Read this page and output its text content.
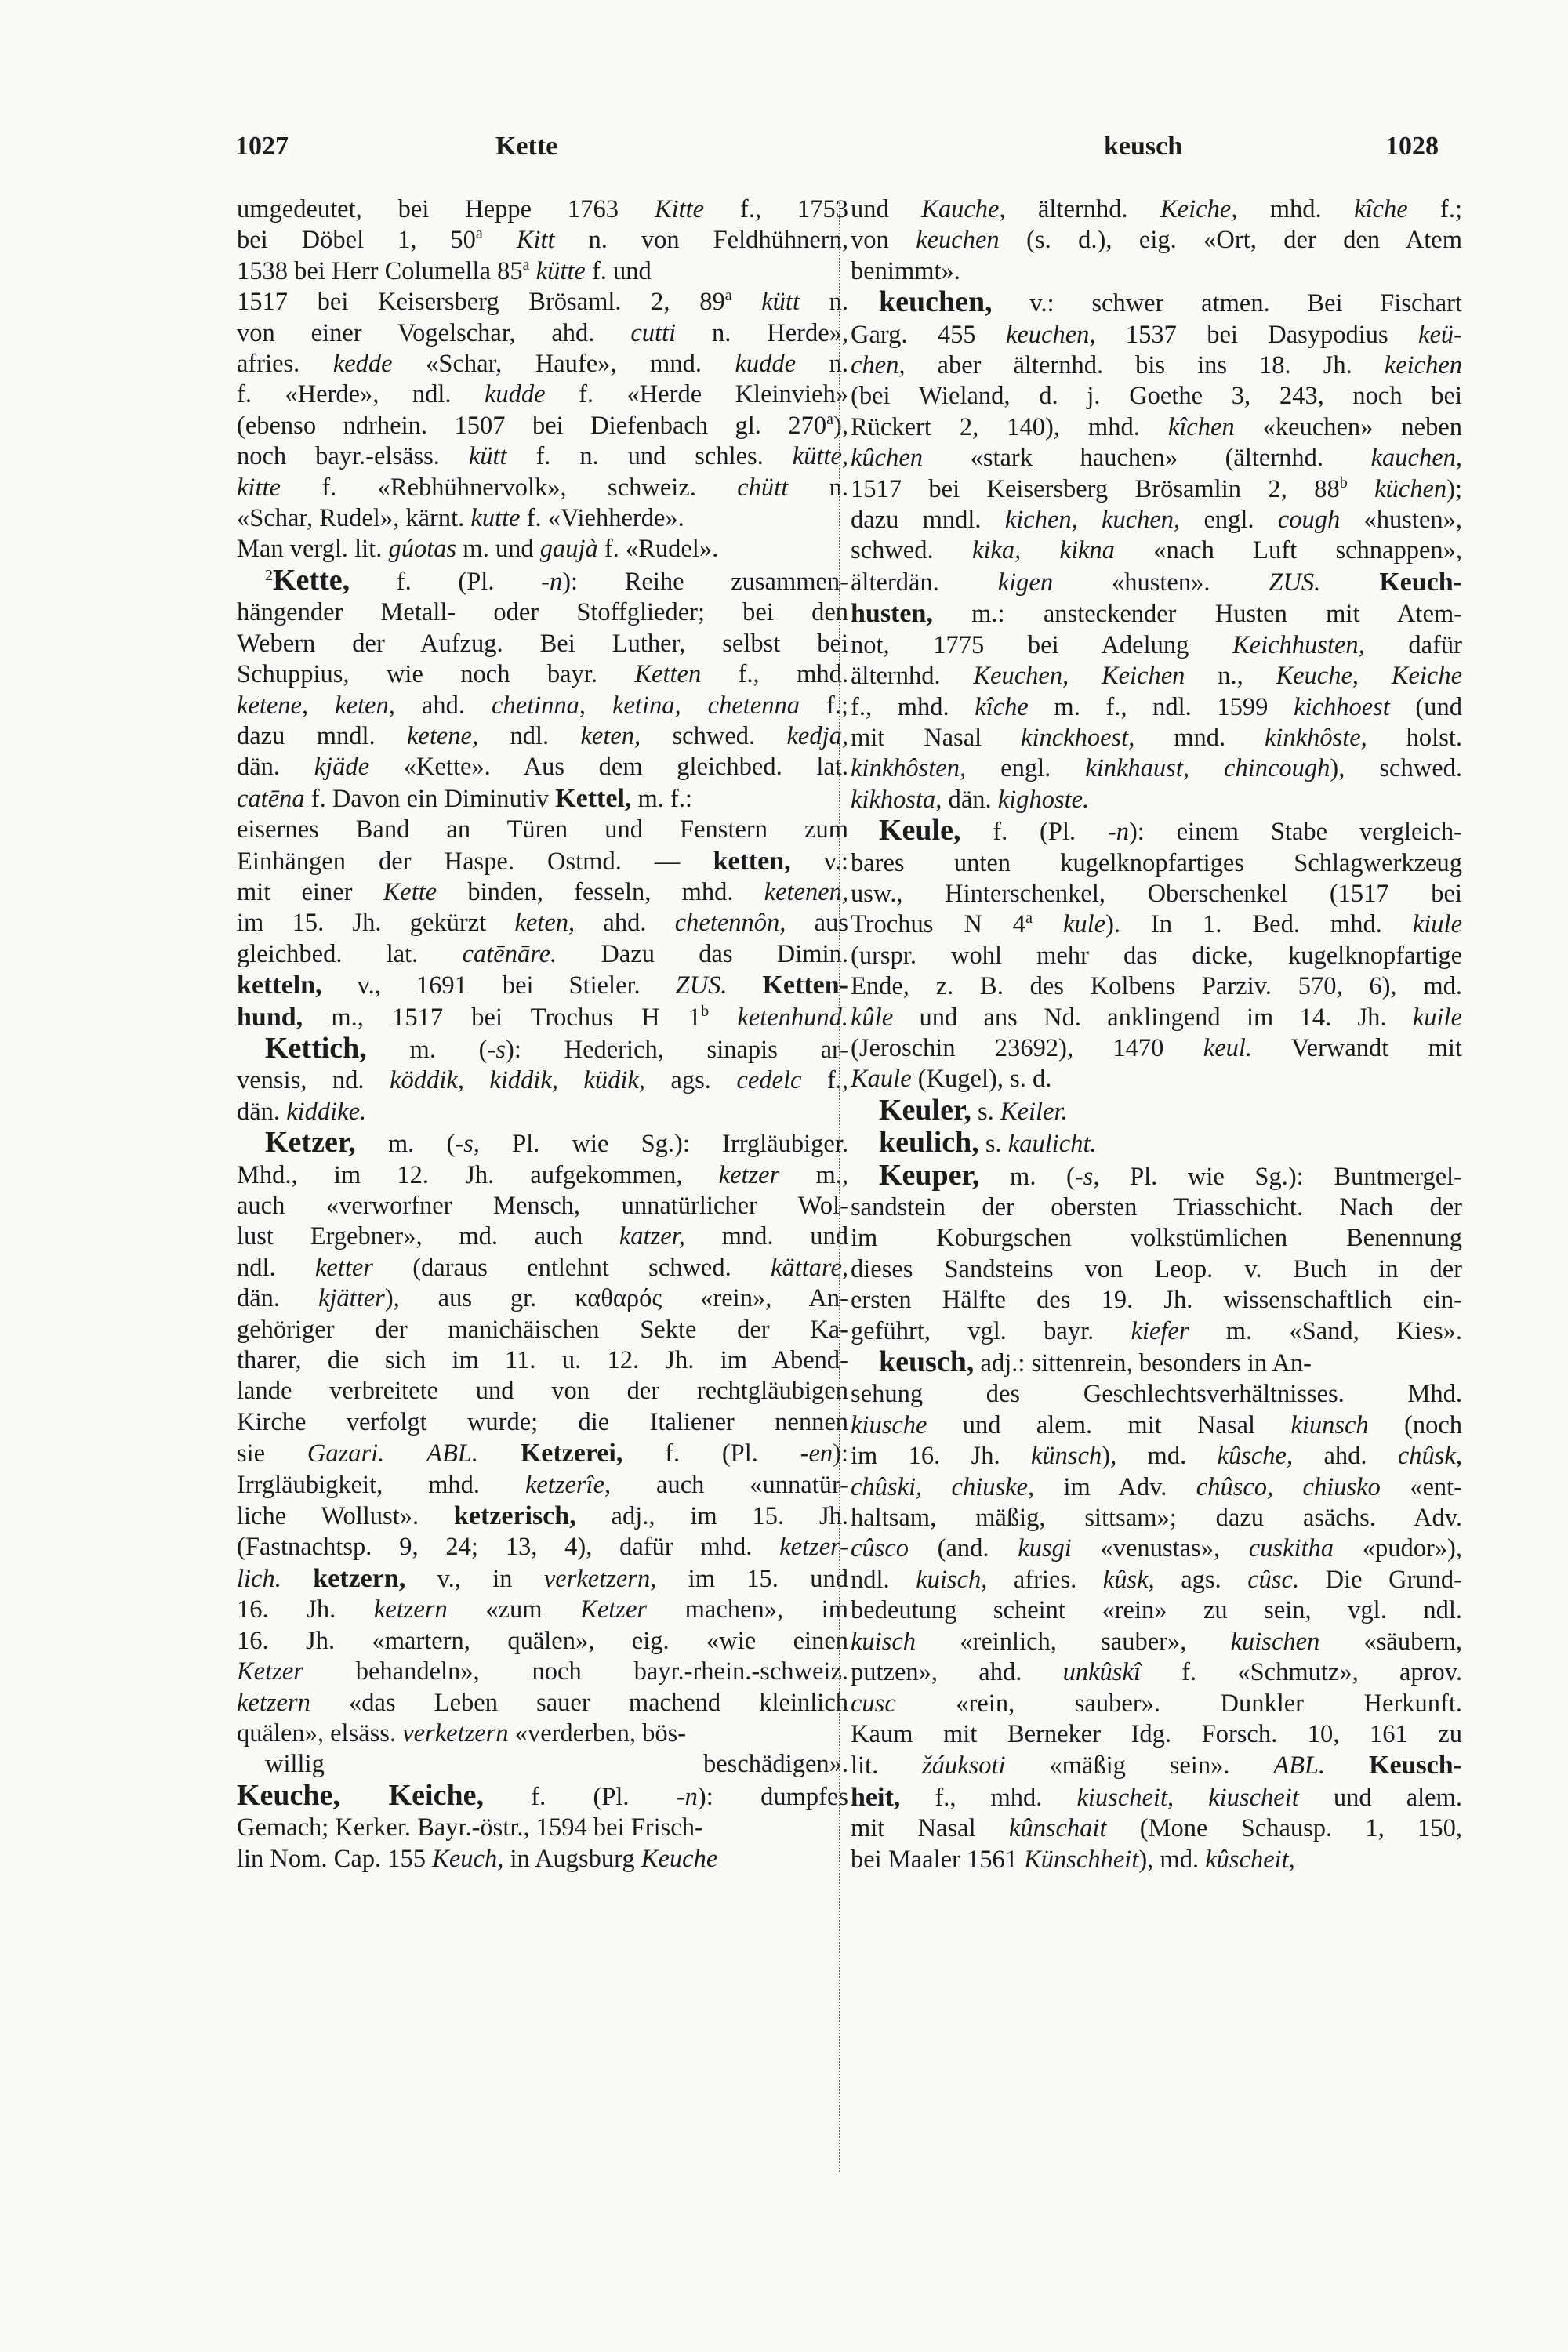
1027	Kette	keusch	1028
umgedeutet, bei Heppe 1763 Kitte f., 1753
bei Döbel 1, 50$^a$ Kitt n. von Feldhühnern,
1538 bei Herr Columella 85$^a$ kütte f. und
1517 bei Keisersberg Brösaml. 2, 89$^a$ kütt n.
von einer Vogelschar, ahd. cutti n. Herde»,
afries. kedde «Schar, Haufe», mnd. kudde n.
f. «Herde», ndl. kudde f. «Herde Kleinvieh»
(ebenso ndrhein. 1507 bei Diefenbach gl. 270$^a$),
noch bayr.-elsäss. kütt f. n. und schles. kütte,
kitte f. «Rebhühnervolk», schweiz. chütt n.
«Schar, Rudel», kärnt. kutte f. «Viehherde».
Man vergl. lit. gúotas m. und gaujà f. «Rudel».
$^2$Kette, f. (Pl. -n): Reihe zusammen-
hängender Metall- oder Stoffglieder; bei den
Webern der Aufzug. Bei Luther, selbst bei
Schuppius, wie noch bayr. Ketten f., mhd.
ketene, keten, ahd. chetinna, ketina, chetenna f.;
dazu mndl. ketene, ndl. keten, schwed. kedja,
dän. kjäde «Kette». Aus dem gleichbed. lat.
catēna f. Davon ein Diminutiv Kettel, m. f.:
eisernes Band an Türen und Fenstern zum
Einhängen der Haspe. Ostmd. — ketten, v.:
mit einer Kette binden, fesseln, mhd. ketenen,
im 15. Jh. gekürzt keten, ahd. chetennôn, aus
gleichbed. lat. catēnāre. Dazu das Dimin.
ketteln, v., 1691 bei Stieler. ZUS. Ketten-
hund, m., 1517 bei Trochus H 1$^b$ ketenhund.
Kettich, m. (-s): Hederich, sinapis ar-
vensis, nd. köddik, kiddik, küdik, ags. cedelc f.,
dän. kiddike.
Ketzer, m. (-s, Pl. wie Sg.): Irrgläubiger.
Mhd., im 12. Jh. aufgekommen, ketzer m.,
auch «verworfner Mensch, unnatürlicher Wol-
lust Ergebner», md. auch katzer, mnd. und
ndl. ketter (daraus entlehnt schwed. kättare,
dän. kjätter), aus gr. καθαρός «rein», An-
gehöriger der manichäischen Sekte der Ka-
tharer, die sich im 11. u. 12. Jh. im Abend-
lande verbreitete und von der rechtgläubigen
Kirche verfolgt wurde; die Italiener nennen
sie Gazari. ABL. Ketzerei, f. (Pl. -en):
Irrgläubigkeit, mhd. ketzerîe, auch «unnatür-
liche Wollust». ketzerisch, adj., im 15. Jh.
(Fastnachtsp. 9, 24; 13, 4), dafür mhd. ketzer-
lich. ketzern, v., in verketzern, im 15. und
16. Jh. ketzern «zum Ketzer machen», im
16. Jh. «martern, quälen», eig. «wie einen
Ketzer behandeln», noch bayr.-rhein.-schweiz.
ketzern «das Leben sauer machend kleinlich
quälen», elsäss. verketzern «verderben, bös-
willig beschädigen».
Keuche, Keiche, f. (Pl. -n): dumpfes
Gemach; Kerker. Bayr.-östr., 1594 bei Frisch-
lin Nom. Cap. 155 Keuch, in Augsburg Keuche
und Kauche, älternhd. Keiche, mhd. kîche f.;
von keuchen (s. d.), eig. «Ort, der den Atem
benimmt».
keuchen, v.: schwer atmen. Bei Fischart
Garg. 455 keuchen, 1537 bei Dasypodius keü-
chen, aber älternhd. bis ins 18. Jh. keichen
(bei Wieland, d. j. Goethe 3, 243, noch bei
Rückert 2, 140), mhd. kîchen «keuchen» neben
kûchen «stark hauchen» (älternhd. kauchen,
1517 bei Keisersberg Brösamlin 2, 88$^b$ küchen);
dazu mndl. kichen, kuchen, engl. cough «husten»,
schwed. kika, kikna «nach Luft schnappen»,
älterdän. kigen «husten». ZUS. Keuch-
husten, m.: ansteckender Husten mit Atem-
not, 1775 bei Adelung Keichhusten, dafür
älternhd. Keuchen, Keichen n., Keuche, Keiche
f., mhd. kîche m. f., ndl. 1599 kichhoest (und
mit Nasal kinckhoest, mnd. kinkhôste, holst.
kinkhôsten, engl. kinkhaust, chincough), schwed.
kikhosta, dän. kighoste.
Keule, f. (Pl. -n): einem Stabe vergleich-
bares unten kugelknopfartiges Schlagwerkzeug
usw., Hinterschenkel, Oberschenkel (1517 bei
Trochus N 4$^a$ kule). In 1. Bed. mhd. kiule
(urspr. wohl mehr das dicke, kugelknopfartige
Ende, z. B. des Kolbens Parziv. 570, 6), md.
kûle und ans Nd. anklingend im 14. Jh. kuile
(Jeroschin 23692), 1470 keul. Verwandt mit
Kaule (Kugel), s. d.
Keuler, s. Keiler.
keulich, s. kaulicht.
Keuper, m. (-s, Pl. wie Sg.): Buntmergel-
sandstein der obersten Triasschicht. Nach der
im Koburgschen volkstümlichen Benennung
dieses Sandsteins von Leop. v. Buch in der
ersten Hälfte des 19. Jh. wissenschaftlich ein-
geführt, vgl. bayr. kiefer m. «Sand, Kies».
keusch, adj.: sittenrein, besonders in An-
sehung des Geschlechtsverhältnisses. Mhd.
kiusche und alem. mit Nasal kiunsch (noch
im 16. Jh. künsch), md. kûsche, ahd. chûsk,
chûski, chiuske, im Adv. chûsco, chiusko «ent-
haltsam, mäßig, sittsam»; dazu asächs. Adv.
cûsco (and. kusgi «venustas», cuskitha «pudor»),
ndl. kuisch, afries. kûsk, ags. cûsc. Die Grund-
bedeutung scheint «rein» zu sein, vgl. ndl.
kuisch «reinlich, sauber», kuischen «säubern,
putzen», ahd. unkûskî f. «Schmutz», aprov.
cusc «rein, sauber». Dunkler Herkunft.
Kaum mit Berneker Idg. Forsch. 10, 161 zu
lit. žáuksoti «mäßig sein». ABL. Keusch-
heit, f., mhd. kiuscheit, kiuscheit und alem.
mit Nasal kûnschait (Mone Schausp. 1, 150,
bei Maaler 1561 Künschheit), md. kûscheit,
